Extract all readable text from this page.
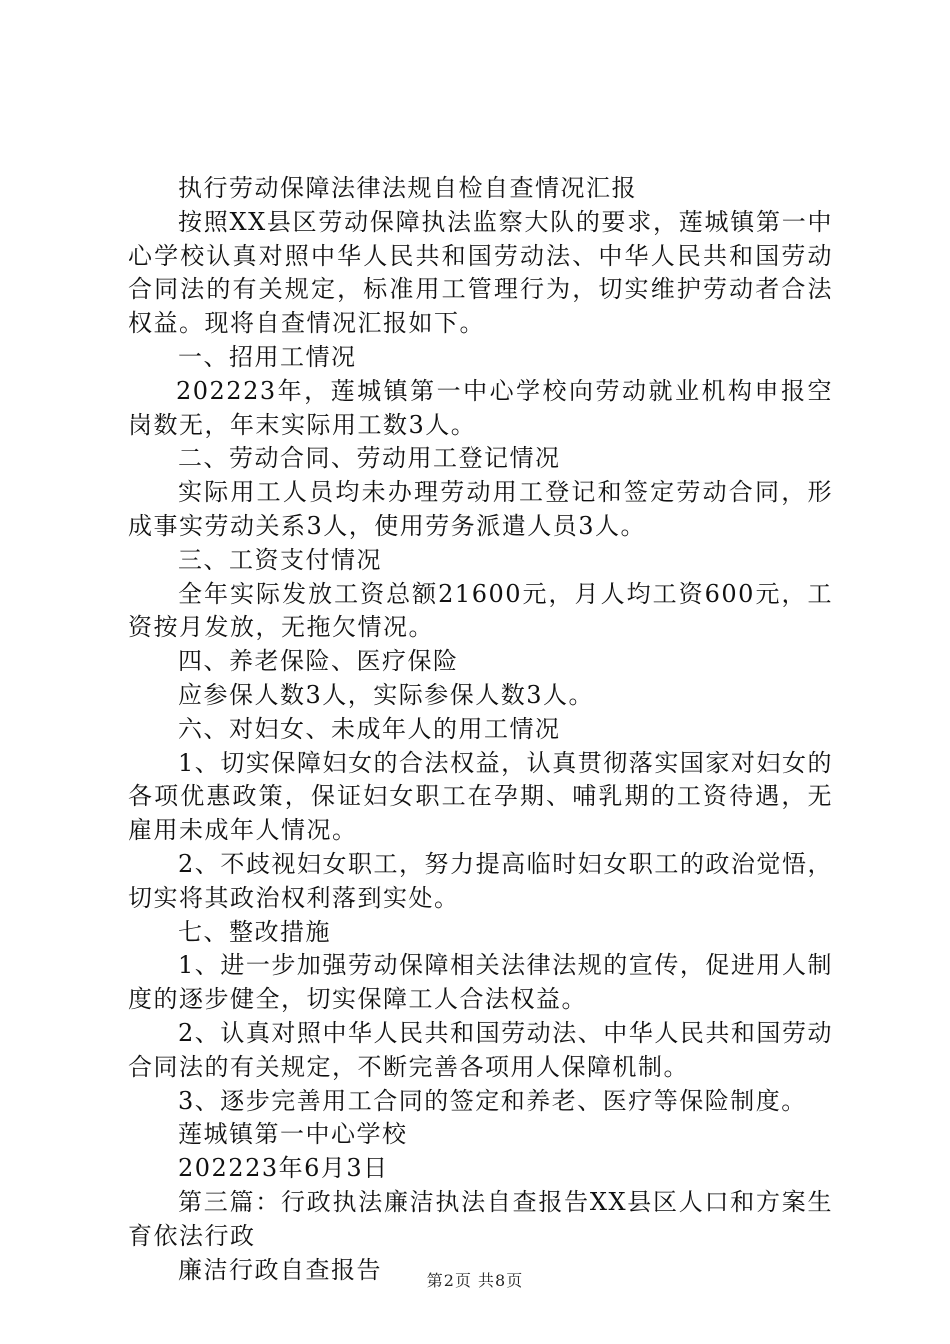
执行劳动保障法律法规自检自查情况汇报

按照XX县区劳动保障执法监察大队的要求，莲城镇第一中心学校认真对照中华人民共和国劳动法、中华人民共和国劳动合同法的有关规定，标准用工管理行为，切实维护劳动者合法权益。现将自查情况汇报如下。

一、招用工情况

202223年，莲城镇第一中心学校向劳动就业机构申报空岗数无，年末实际用工数3人。

二、劳动合同、劳动用工登记情况

实际用工人员均未办理劳动用工登记和签定劳动合同，形成事实劳动关系3人，使用劳务派遣人员3人。

三、工资支付情况

全年实际发放工资总额21600元，月人均工资600元，工资按月发放，无拖欠情况。

四、养老保险、医疗保险

应参保人数3人，实际参保人数3人。

六、对妇女、未成年人的用工情况

1、切实保障妇女的合法权益，认真贯彻落实国家对妇女的各项优惠政策，保证妇女职工在孕期、哺乳期的工资待遇，无雇用未成年人情况。

2、不歧视妇女职工，努力提高临时妇女职工的政治觉悟，切实将其政治权利落到实处。

七、整改措施

1、进一步加强劳动保障相关法律法规的宣传，促进用人制度的逐步健全，切实保障工人合法权益。

2、认真对照中华人民共和国劳动法、中华人民共和国劳动合同法的有关规定，不断完善各项用人保障机制。

3、逐步完善用工合同的签定和养老、医疗等保险制度。

莲城镇第一中心学校

202223年6月3日

第三篇：行政执法廉洁执法自查报告XX县区人口和方案生育依法行政

廉洁行政自查报告	第2页 共8页
